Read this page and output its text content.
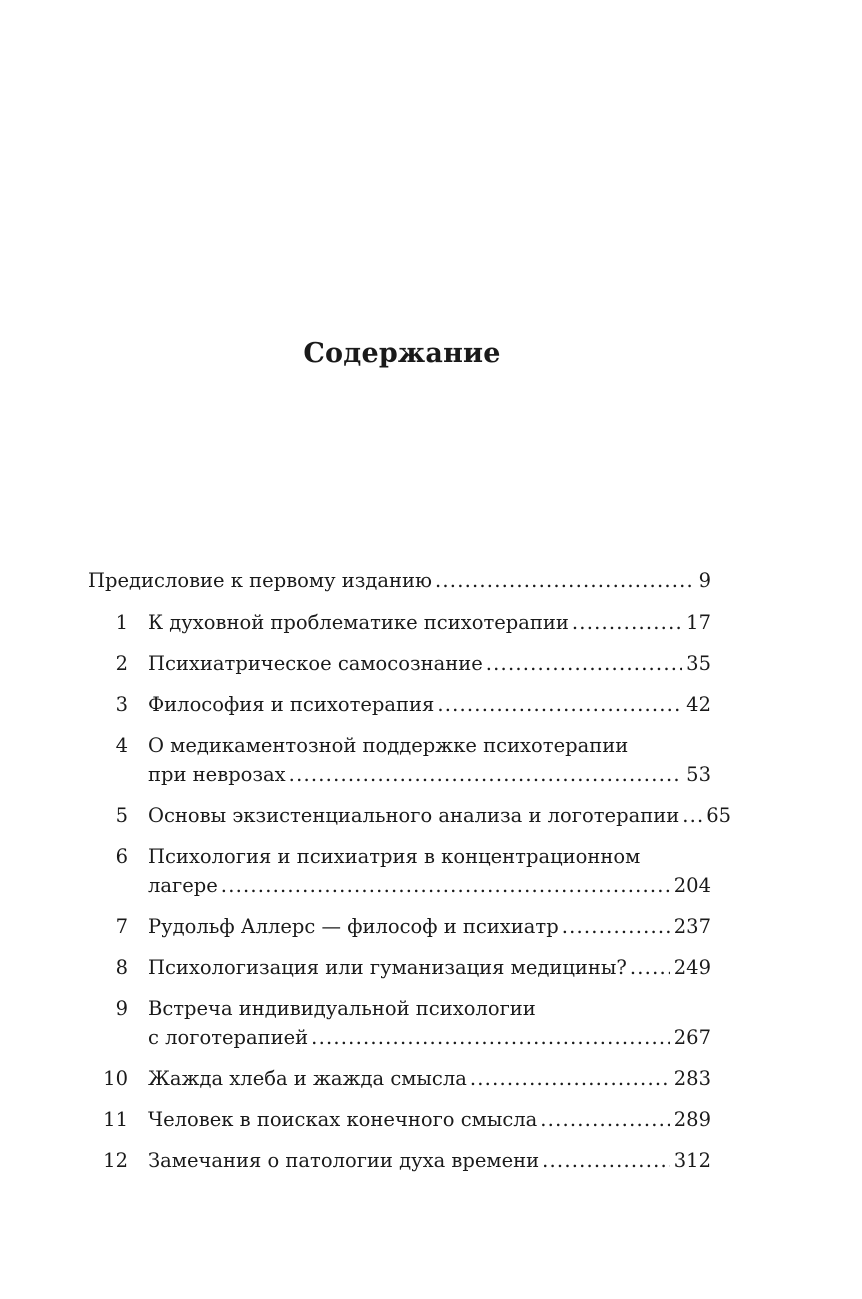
Содержание
Предисловие к первому изданию .....	9
1 К духовной проблематике психотерапии .....	17
2 Психиатрическое самосознание .....	35
3 Философия и психотерапия .....	42
4 О медикаментозной поддержке психотерапии
при неврозах .....	53
5 Основы экзистенциального анализа и логотерапии ..... 65
6 Психология и психиатрия в концентрационном
лагере .....	204
7 Рудольф Аллерс — философ и психиатр .....	237
8 Психологизация или гуманизация медицины? ..... 249
9 Встреча индивидуальной психологии
с логотерапией .....	267
10 Жажда хлеба и жажда смысла .....	283
11 Человек в поисках конечного смысла .....	289
12 Замечания о патологии духа времени .....	312
